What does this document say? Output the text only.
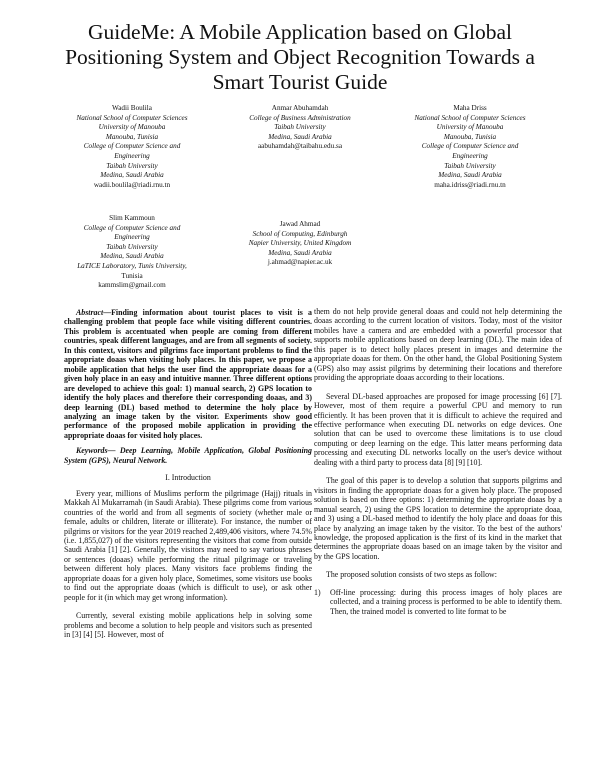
GuideMe: A Mobile Application based on Global Positioning System and Object Recognition Towards a Smart Tourist Guide
Wadii Boulila
National School of Computer Sciences
University of Manouba
Manouba, Tunisia
College of Computer Science and
Engineering
Taibah University
Medina, Saudi Arabia
wadii.boulila@riadi.rnu.tn
Anmar Abuhamdah
College of Business Administration
Taibah University
Medina, Saudi Arabia
aabuhamdah@taibahu.edu.sa
Maha Driss
National School of Computer Sciences
University of Manouba
Manouba, Tunisia
College of Computer Science and
Engineering
Taibah University
Medina, Saudi Arabia
maha.idriss@riadi.rnu.tn
Slim Kammoun
College of Computer Science and
Engineering
Taibah University
Medina, Saudi Arabia
LaTICE Laboratory, Tunis University,
Tunisia
kammslim@gmail.com
Jawad Ahmad
School of Computing, Edinburgh
Napier University, United Kingdom
Medina, Saudi Arabia
j.ahmad@napier.ac.uk
Abstract—Finding information about tourist places to visit is a challenging problem that people face while visiting different countries. This problem is accentuated when people are coming from different countries, speak different languages, and are from all segments of society. In this context, visitors and pilgrims face important problems to find the appropriate doaas when visiting holy places. In this paper, we propose a mobile application that helps the user find the appropriate doaas for a given holy place in an easy and intuitive manner. Three different options are developed to achieve this goal: 1) manual search, 2) GPS location to identify the holy places and therefore their corresponding doaas, and 3) deep learning (DL) based method to determine the holy place by analyzing an image taken by the visitor. Experiments show good performance of the proposed mobile application in providing the appropriate doaas for visited holy places.
Keywords— Deep Learning, Mobile Application, Global Positioning System (GPS), Neural Network.
I. Introduction
Every year, millions of Muslims perform the pilgrimage (Hajj) rituals in Makkah Al Mukarramah (in Saudi Arabia). These pilgrims come from various countries of the world and from all segments of society (whether male or female, adults or children, literate or illiterate). For instance, the number of pilgrims or visitors for the year 2019 reached 2,489,406 visitors, where 74.5% (i.e. 1,855,027) of the visitors representing the visitors that come from outside Saudi Arabia [1] [2]. Generally, the visitors may need to say various phrases or sentences (doaas) while performing the ritual pilgrimage or traveling between different holy places. Many visitors face problems finding the appropriate doaas for a given holy place, Sometimes, some visitors use books to find out the appropriate doaas (which is difficult to use), or ask other people for it (in which may get wrong information).
Currently, several existing mobile applications help in solving some problems and become a solution to help people and visitors such as presented in [3] [4] [5]. However, most of
them do not help provide general doaas and could not help determining the doaas according to the current location of visitors. Today, most of the visitor mobiles have a camera and are embedded with a powerful processor that supports mobile applications based on deep learning (DL). The main idea of this paper is to detect holly places present in images and determine the appropriate doaas for them. On the other hand, the Global Positioning System (GPS) also may assist pilgrims by determining their locations and therefore providing the appropriate doaas according to their locations.
Several DL-based approaches are proposed for image processing [6] [7]. However, most of them require a powerful CPU and memory to run efficiently. It has been proven that it is difficult to achieve the required and effective performance when executing DL networks on edge devices. One solution that can be used to overcome these limitations is to use cloud computing or deep learning on the edge. This latter means performing data processing and executing DL networks locally on the user's device without dealing with a third party to process data [8] [9] [10].
The goal of this paper is to develop a solution that supports pilgrims and visitors in finding the appropriate doaas for a given holy place. The proposed solution is based on three options: 1) determining the appropriate doaas by a manual search, 2) using the GPS location to determine the appropriate doaa, and 3) using a DL-based method to identify the holy place and doaas for this place by analyzing an image taken by the visitor. To the best of the authors' knowledge, the proposed application is the first of its kind in the market that determines the appropriate doaas based on an image taken by the visitor and by the GPS location.
The proposed solution consists of two steps as follow:
1)	Off-line processing: during this process images of holy places are collected, and a training process is performed to be able to identify them. Then, the trained model is converted to lite format to be
